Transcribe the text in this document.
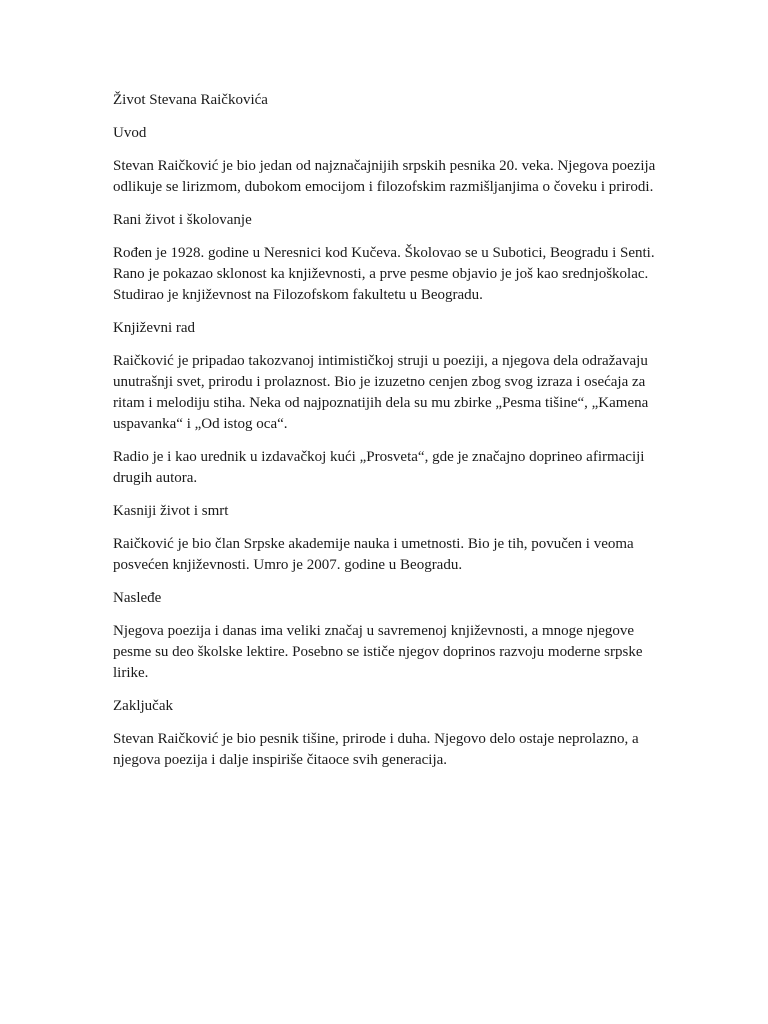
Život Stevana Raičkovića

Uvod

Stevan Raičković je bio jedan od najznačajnijih srpskih pesnika 20. veka. Njegova poezija odlikuje se lirizmom, dubokom emocijom i filozofskim razmišljanjima o čoveku i prirodi.

Rani život i školovanje

Rođen je 1928. godine u Neresnici kod Kučeva. Školovao se u Subotici, Beogradu i Senti. Rano je pokazao sklonost ka književnosti, a prve pesme objavio je još kao srednjoškolac. Studirao je književnost na Filozofskom fakultetu u Beogradu.

Književni rad

Raičković je pripadao takozvanoj intimističkoj struji u poeziji, a njegova dela odražavaju unutrašnji svet, prirodu i prolaznost. Bio je izuzetno cenjen zbog svog izraza i osećaja za ritam i melodiju stiha. Neka od najpoznatijih dela su mu zbirke „Pesma tišine“, „Kamena uspavanka“ i „Od istog oca“.

Radio je i kao urednik u izdavačkoj kući „Prosveta“, gde je značajno doprineo afirmaciji drugih autora.

Kasniji život i smrt

Raičković je bio član Srpske akademije nauka i umetnosti. Bio je tih, povučen i veoma posvećen književnosti. Umro je 2007. godine u Beogradu.

Nasleđe

Njegova poezija i danas ima veliki značaj u savremenoj književnosti, a mnoge njegove pesme su deo školske lektire. Posebno se ističe njegov doprinos razvoju moderne srpske lirike.

Zaključak

Stevan Raičković je bio pesnik tišine, prirode i duha. Njegovo delo ostaje neprolazno, a njegova poezija i dalje inspiriše čitaoce svih generacija.
